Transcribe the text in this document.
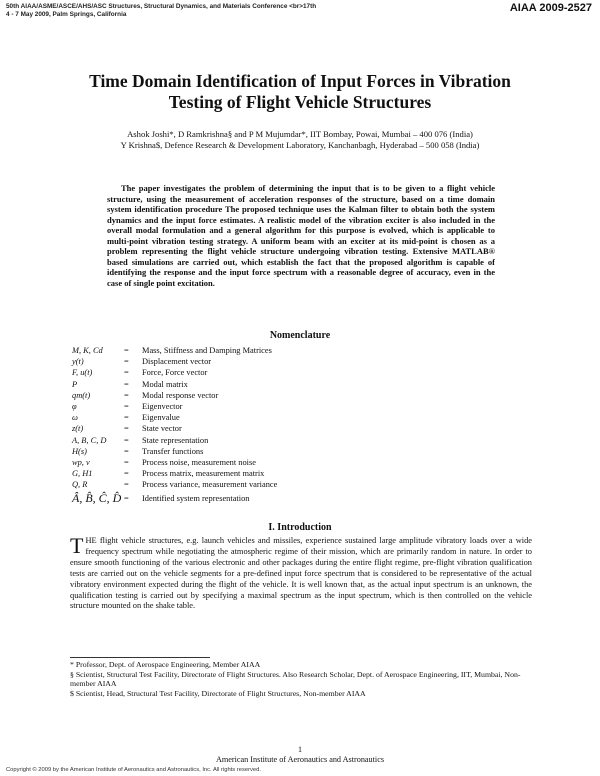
50th AIAA/ASME/ASCE/AHS/ASC Structures, Structural Dynamics, and Materials Conference <br>17th
4 - 7 May 2009, Palm Springs, California
AIAA 2009-2527
Time Domain Identification of Input Forces in Vibration
Testing of Flight Vehicle Structures
Ashok Joshi*, D Ramkrishna§ and P M Mujumdar*, IIT Bombay, Powai, Mumbai – 400 076 (India)
Y Krishna$, Defence Research & Development Laboratory, Kanchanbagh, Hyderabad – 500 058 (India)

The paper investigates the problem of determining the input that is to be given to a flight vehicle structure, using the measurement of acceleration responses of the structure, based on a time domain system identification procedure The proposed technique uses the Kalman filter to obtain both the system dynamics and the input force estimates. A realistic model of the vibration exciter is also included in the overall modal formulation and a general algorithm for this purpose is evolved, which is applicable to multi-point vibration testing strategy. A uniform beam with an exciter at its mid-point is chosen as a problem representing the flight vehicle structure undergoing vibration testing. Extensive MATLAB® based simulations are carried out, which establish the fact that the proposed algorithm is capable of identifying the response and the input force spectrum with a reasonable degree of accuracy, even in the case of single point excitation.

Nomenclature
M, K, Cd	=	Mass, Stiffness and Damping Matrices
y(t)	=	Displacement vector
F, u(t)	=	Force, Force vector
P	=	Modal matrix
qm(t)	=	Modal response vector
φ	=	Eigenvector
ω	=	Eigenvalue
z(t)	=	State vector
A, B, C, D	=	State representation
H(s)	=	Transfer functions
wp, v	=	Process noise, measurement noise
G, H1	=	Process matrix, measurement matrix
Q, R	=	Process variance, measurement variance
Â, B̂, Ĉ, D̂ =	Identified system representation
I. Introduction

THE flight vehicle structures, e.g. launch vehicles and missiles, experience sustained large amplitude vibratory loads over a wide frequency spectrum while negotiating the atmospheric regime of their mission, which are primarily random in nature. In order to ensure smooth functioning of the various electronic and other packages during the entire flight regime, pre-flight vibration qualification tests are carried out on the vehicle segments for a pre-defined input force spectrum that is considered to be representative of the actual vibratory environment expected during the flight of the vehicle. It is well known that, as the actual input spectrum is an unknown, the qualification testing is carried out by specifying a maximal spectrum as the input spectrum, which is then controlled on the vehicle structure mounted on the shake table.

* Professor, Dept. of Aerospace Engineering, Member AIAA

§ Scientist, Structural Test Facility, Directorate of Flight Structures. Also Research Scholar, Dept. of Aerospace Engineering, IIT, Mumbai, Non-member AIAA

$ Scientist, Head, Structural Test Facility, Directorate of Flight Structures, Non-member AIAA

1
American Institute of Aeronautics and Astronautics
Copyright © 2009 by the American Institute of Aeronautics and Astronautics, Inc. All rights reserved.
